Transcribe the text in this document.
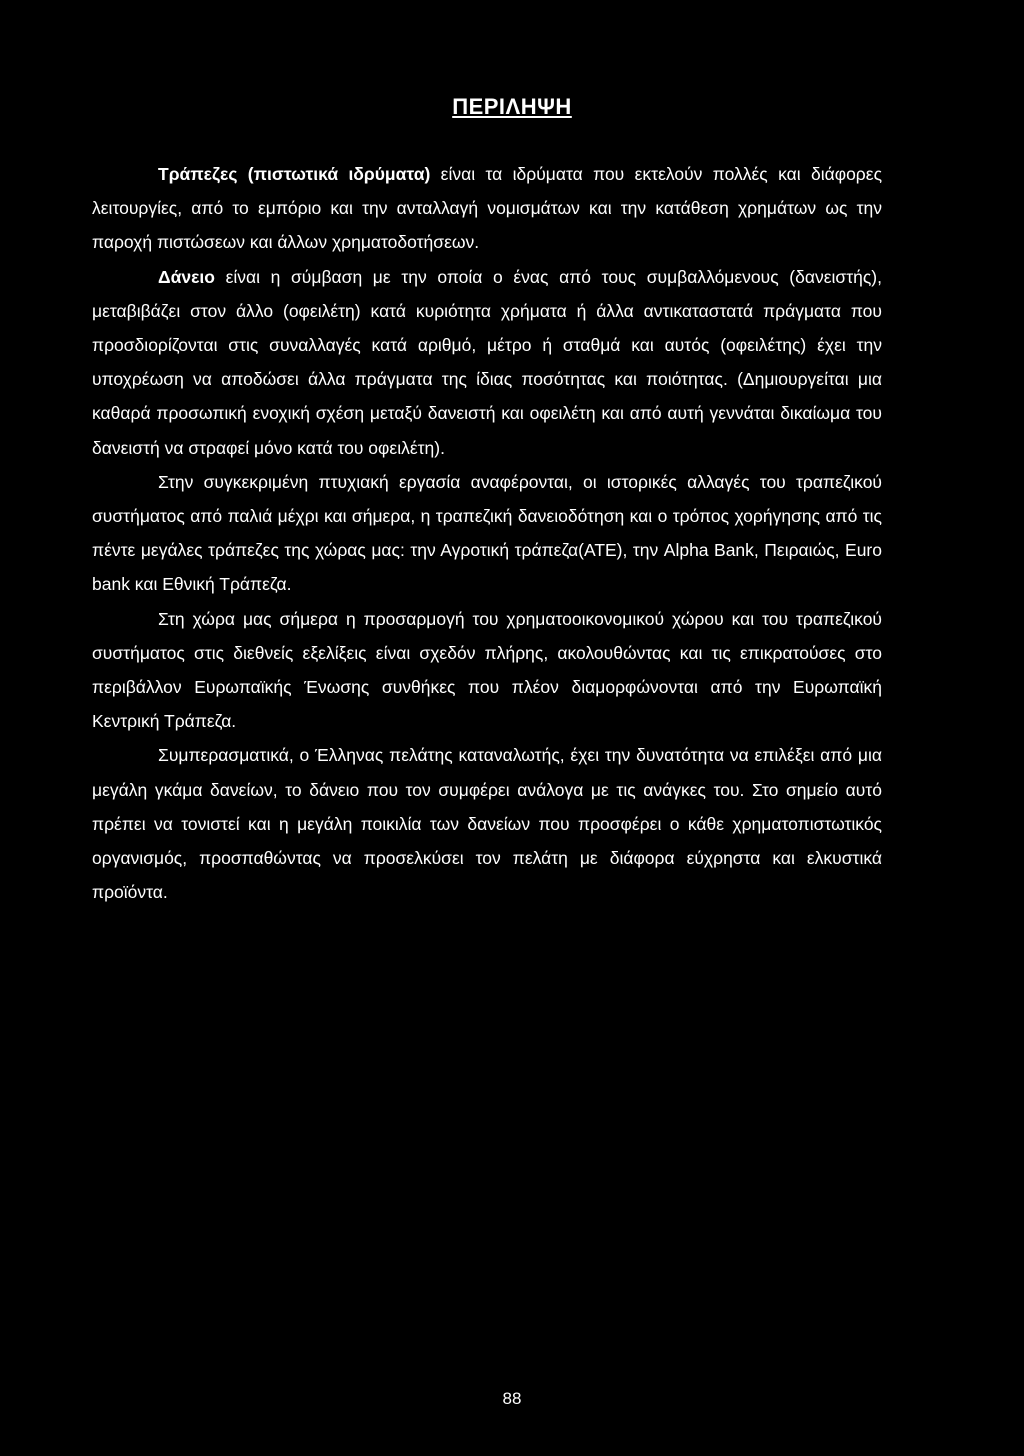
ΠΕΡΙΛΗΨΗ

Τράπεζες (πιστωτικά ιδρύματα) είναι τα ιδρύματα που εκτελούν πολλές και διάφορες λειτουργίες, από το εμπόριο και την ανταλλαγή νομισμάτων και την κατάθεση χρημάτων ως την παροχή πιστώσεων και άλλων χρηματοδοτήσεων.
Δάνειο είναι η σύμβαση με την οποία ο ένας από τους συμβαλλόμενους (δανειστής), μεταβιβάζει στον άλλο (οφειλέτη) κατά κυριότητα χρήματα ή άλλα αντικαταστατά πράγματα που προσδιορίζονται στις συναλλαγές κατά αριθμό, μέτρο ή σταθμά και αυτός (οφειλέτης) έχει την υποχρέωση να αποδώσει άλλα πράγματα της ίδιας ποσότητας και ποιότητας. (Δημιουργείται μια καθαρά προσωπική ενοχική σχέση μεταξύ δανειστή και οφειλέτη και από αυτή γεννάται δικαίωμα του δανειστή να στραφεί μόνο κατά του οφειλέτη).

Στην συγκεκριμένη πτυχιακή εργασία αναφέρονται, οι ιστορικές αλλαγές του τραπεζικού συστήματος από παλιά μέχρι και σήμερα, η τραπεζική δανειοδότηση και ο τρόπος χορήγησης από τις πέντε μεγάλες τράπεζες της χώρας μας: την Αγροτική τράπεζα(ΑΤΕ), την Alpha Bank, Πειραιώς, Euro bank και Εθνική Τράπεζα.

Στη χώρα μας σήμερα η προσαρμογή του χρηματοοικονομικού χώρου και του τραπεζικού συστήματος στις διεθνείς εξελίξεις είναι σχεδόν πλήρης, ακολουθώντας και τις επικρατούσες στο περιβάλλον Ευρωπαϊκής Ένωσης συνθήκες που πλέον διαμορφώνονται από την Ευρωπαϊκή Κεντρική Τράπεζα.

Συμπερασματικά, ο Έλληνας πελάτης καταναλωτής, έχει την δυνατότητα να επιλέξει από μια μεγάλη γκάμα δανείων, το δάνειο που τον συμφέρει ανάλογα με τις ανάγκες του. Στο σημείο αυτό πρέπει να τονιστεί και η μεγάλη ποικιλία των δανείων που προσφέρει ο κάθε χρηματοπιστωτικός οργανισμός, προσπαθώντας να προσελκύσει τον πελάτη με διάφορα εύχρηστα και ελκυστικά προϊόντα.

88
